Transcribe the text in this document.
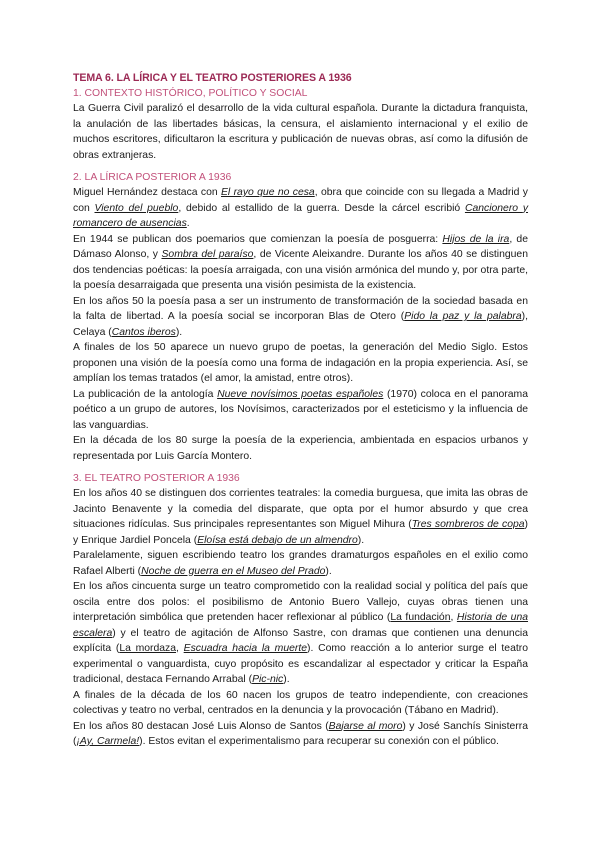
TEMA 6. LA LÍRICA Y EL TEATRO POSTERIORES A 1936
1. CONTEXTO HISTÓRICO, POLÍTICO Y SOCIAL

La Guerra Civil paralizó el desarrollo de la vida cultural española. Durante la dictadura franquista, la anulación de las libertades básicas, la censura, el aislamiento internacional y el exilio de muchos escritores, dificultaron la escritura y publicación de nuevas obras, así como la difusión de obras extranjeras.

2. LA LÍRICA POSTERIOR A 1936

Miguel Hernández destaca con El rayo que no cesa, obra que coincide con su llegada a Madrid y con Viento del pueblo, debido al estallido de la guerra. Desde la cárcel escribió Cancionero y romancero de ausencias.

En 1944 se publican dos poemarios que comienzan la poesía de posguerra: Hijos de la ira, de Dámaso Alonso, y Sombra del paraíso, de Vicente Aleixandre. Durante los años 40 se distinguen dos tendencias poéticas: la poesía arraigada, con una visión armónica del mundo y, por otra parte, la poesía desarraigada que presenta una visión pesimista de la existencia.

En los años 50 la poesía pasa a ser un instrumento de transformación de la sociedad basada en la falta de libertad. A la poesía social se incorporan Blas de Otero (Pido la paz y la palabra), Celaya (Cantos iberos).

A finales de los 50 aparece un nuevo grupo de poetas, la generación del Medio Siglo. Estos proponen una visión de la poesía como una forma de indagación en la propia experiencia. Así, se amplían los temas tratados (el amor, la amistad, entre otros).

La publicación de la antología Nueve novísimos poetas españoles (1970) coloca en el panorama poético a un grupo de autores, los Novísimos, caracterizados por el esteticismo y la influencia de las vanguardias.

En la década de los 80 surge la poesía de la experiencia, ambientada en espacios urbanos y representada por Luis García Montero.

3. EL TEATRO POSTERIOR A 1936

En los años 40 se distinguen dos corrientes teatrales: la comedia burguesa, que imita las obras de Jacinto Benavente y la comedia del disparate, que opta por el humor absurdo y que crea situaciones ridículas. Sus principales representantes son Miguel Mihura (Tres sombreros de copa) y Enrique Jardiel Poncela (Eloísa está debajo de un almendro).

Paralelamente, siguen escribiendo teatro los grandes dramaturgos españoles en el exilio como Rafael Alberti (Noche de guerra en el Museo del Prado).

En los años cincuenta surge un teatro comprometido con la realidad social y política del país que oscila entre dos polos: el posibilismo de Antonio Buero Vallejo, cuyas obras tienen una interpretación simbólica que pretenden hacer reflexionar al público (La fundación, Historia de una escalera) y el teatro de agitación de Alfonso Sastre, con dramas que contienen una denuncia explícita (La mordaza, Escuadra hacia la muerte). Como reacción a lo anterior surge el teatro experimental o vanguardista, cuyo propósito es escandalizar al espectador y criticar la España tradicional, destaca Fernando Arrabal (Pic-nic).

A finales de la década de los 60 nacen los grupos de teatro independiente, con creaciones colectivas y teatro no verbal, centrados en la denuncia y la provocación (Tábano en Madrid).

En los años 80 destacan José Luis Alonso de Santos (Bajarse al moro) y José Sanchís Sinisterra (¡Ay, Carmela!). Estos evitan el experimentalismo para recuperar su conexión con el público.
